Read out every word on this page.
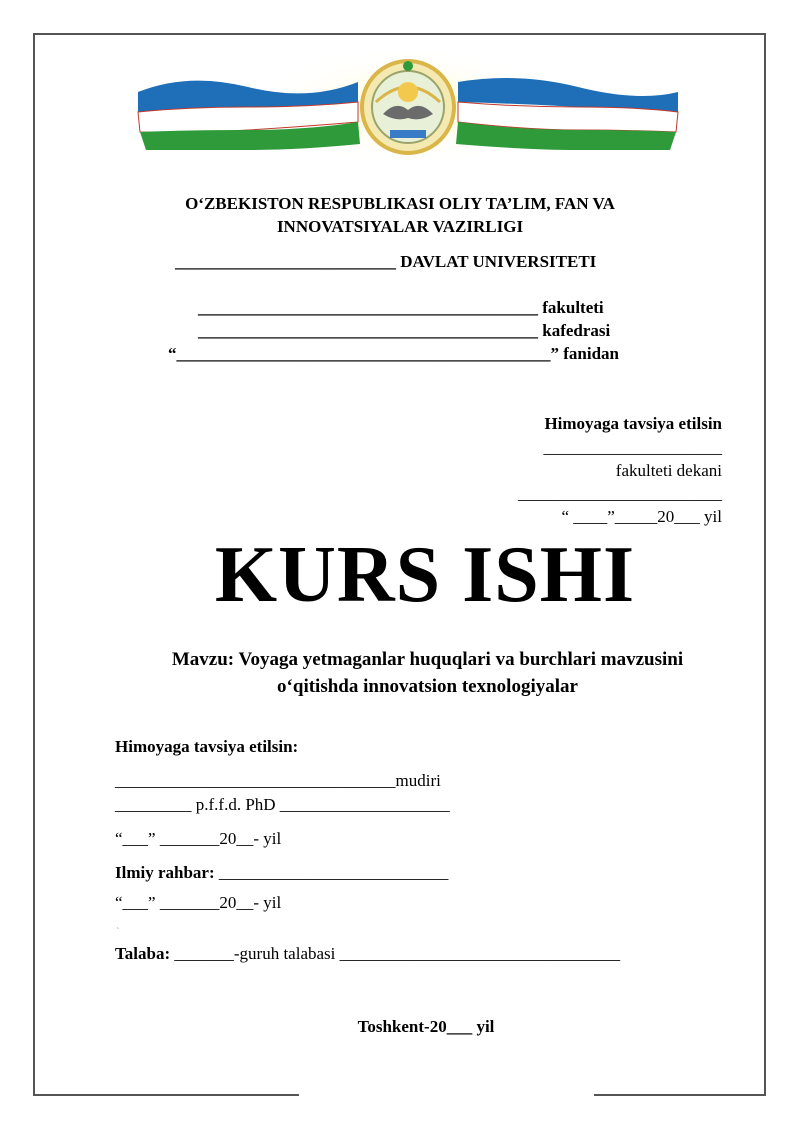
O‘ZBEKISTON RESPUBLIKASI OLIY TA’LIM, FAN VA
INNOVATSIYALAR VAZIRLIGI
__________________________ DAVLAT UNIVERSITETI
________________________________________ fakulteti
________________________________________ kafedrasi
“____________________________________________” fanidan
Himoyaga tavsiya etilsin
_____________________
fakulteti dekani
________________________
“ ____”_____20___ yil
KURS ISHI
Mavzu: Voyaga yetmaganlar huquqlari va burchlari mavzusini
o‘qitishda innovatsion texnologiyalar
Himoyaga tavsiya etilsin:
_________________________________mudiri
_________ p.f.f.d. PhD ____________________
“___” _______20__- yil
Ilmiy rahbar: ___________________________
“___” _______20__- yil
˴
Talaba: _______-guruh talabasi _________________________________
Toshkent-20___ yil
